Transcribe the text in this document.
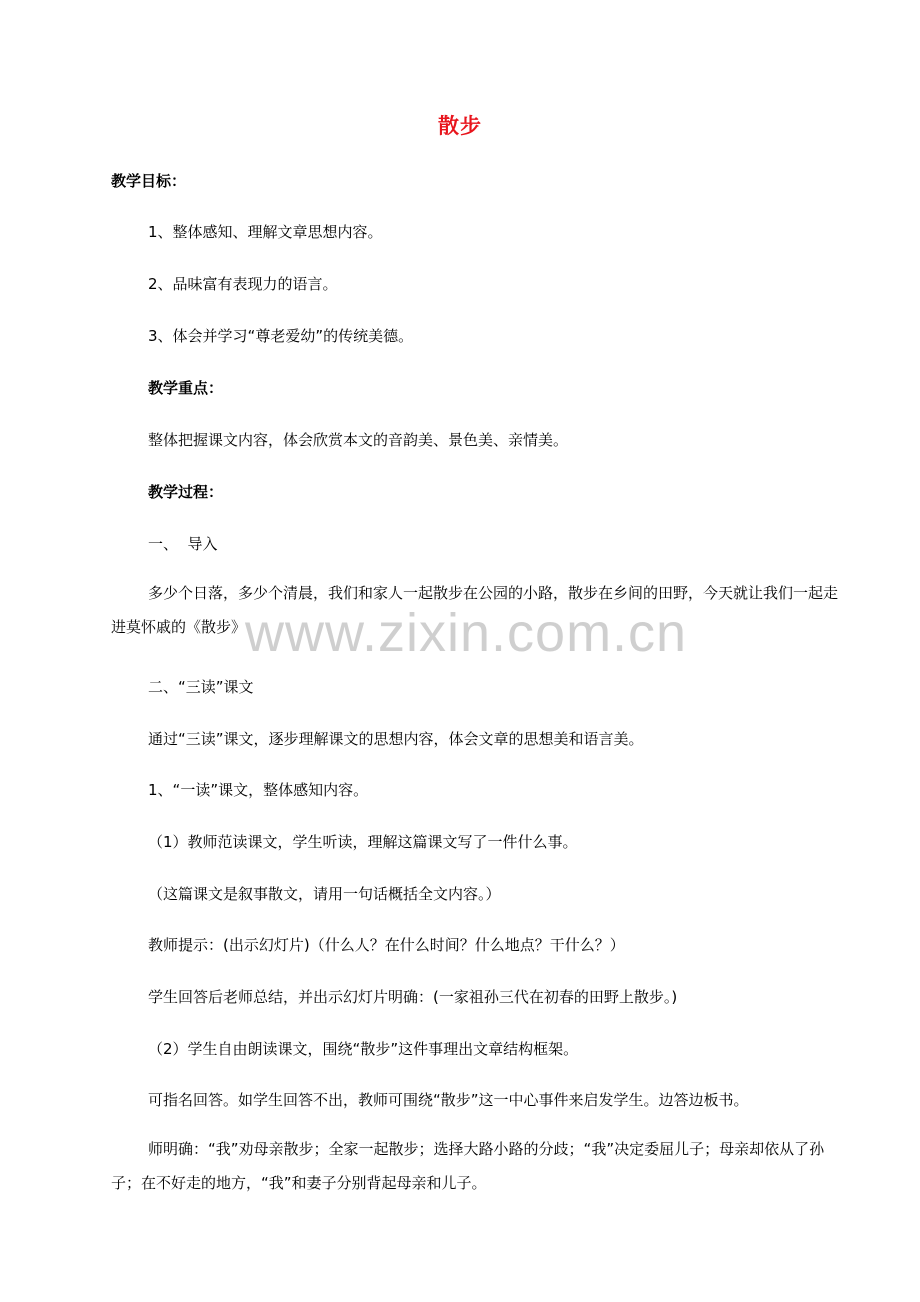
散步
教学目标：
1、整体感知、理解文章思想内容。
2、品味富有表现力的语言。
3、体会并学习“尊老爱幼”的传统美德。
教学重点：
整体把握课文内容，体会欣赏本文的音韵美、景色美、亲情美。
教学过程：
一、  导入
多少个日落，多少个清晨，我们和家人一起散步在公园的小路，散步在乡间的田野，今天就让我们一起走进莫怀戚的《散步》
二、“三读”课文
通过“三读”课文，逐步理解课文的思想内容，体会文章的思想美和语言美。
1、“一读”课文，整体感知内容。
（1）教师范读课文，学生听读，理解这篇课文写了一件什么事。
（这篇课文是叙事散文，请用一句话概括全文内容。）
教师提示：(出示幻灯片)（什么人？在什么时间？什么地点？干什么？）
学生回答后老师总结，并出示幻灯片明确：(一家祖孙三代在初春的田野上散步。)
（2）学生自由朗读课文，围绕“散步”这件事理出文章结构框架。
可指名回答。如学生回答不出，教师可围绕“散步”这一中心事件来启发学生。边答边板书。
师明确：“我”劝母亲散步；全家一起散步；选择大路小路的分歧；“我”决定委屈儿子；母亲却依从了孙子；在不好走的地方，“我”和妻子分别背起母亲和儿子。
www.zixin.com.cn
